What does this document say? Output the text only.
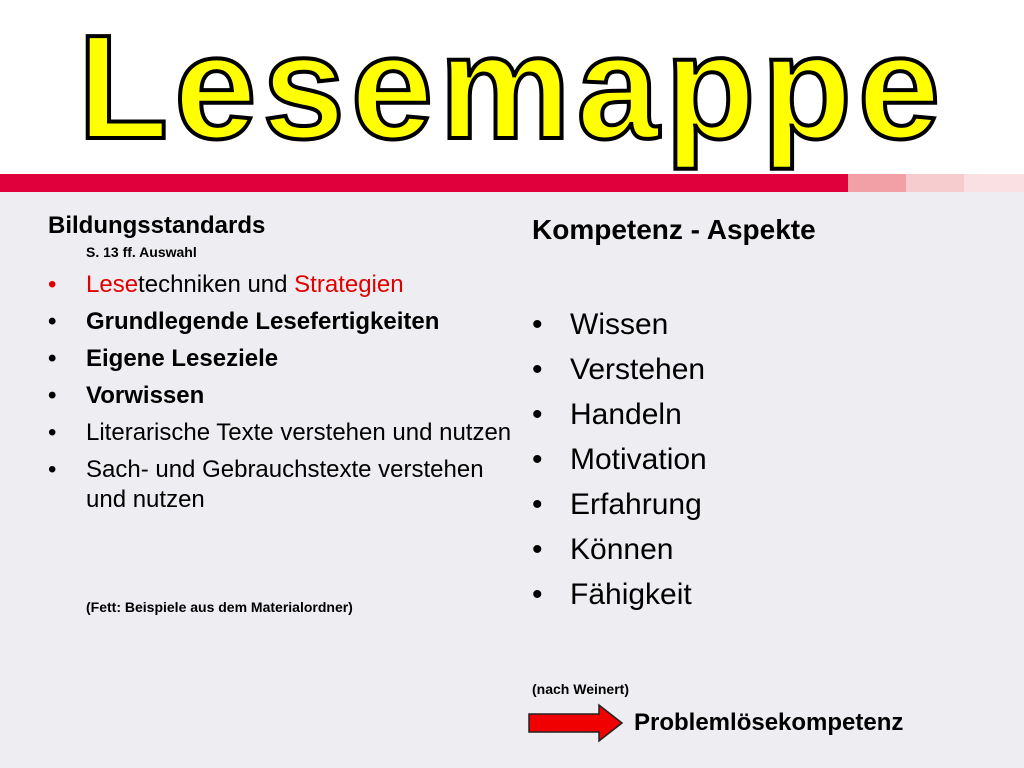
Lesemappe
Bildungsstandards
S. 13 ff. Auswahl
• Lesetechniken und Strategien
• Grundlegende Lesefertigkeiten
• Eigene Leseziele
• Vorwissen
• Literarische Texte verstehen und nutzen
• Sach- und Gebrauchstexte verstehen und nutzen
(Fett: Beispiele aus dem Materialordner)
Kompetenz - Aspekte
• Wissen
• Verstehen
• Handeln
• Motivation
• Erfahrung
• Können
• Fähigkeit
(nach Weinert)
Problemlösekompetenz
